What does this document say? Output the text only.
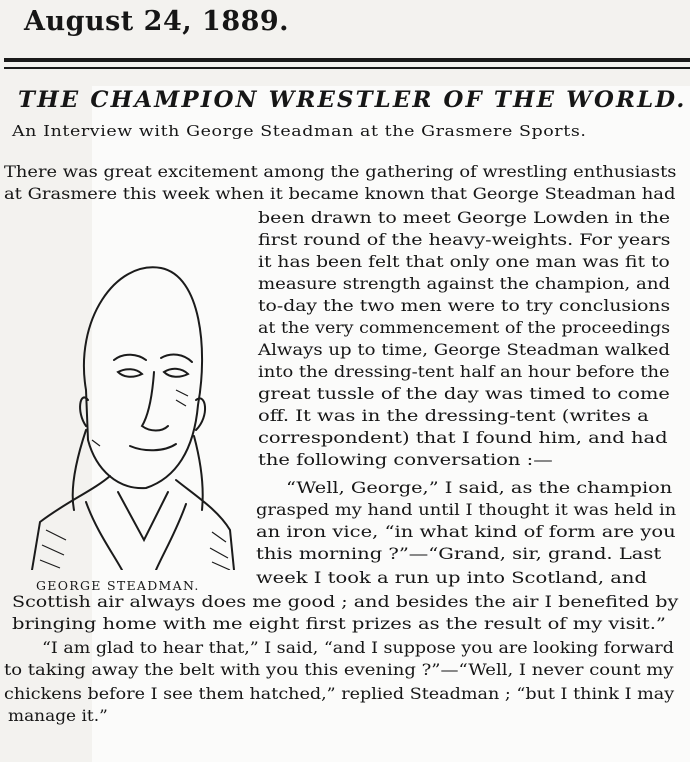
August 24, 1889.
THE CHAMPION WRESTLER OF THE WORLD.
An Interview with George Steadman at the Grasmere Sports.
There was great excitement among the gathering of wrestling enthusiasts
at Grasmere this week when it became known that George Steadman had
been drawn to meet George Lowden in the
first round of the heavy-weights. For years
it has been felt that only one man was fit to
measure strength against the champion, and
to-day the two men were to try conclusions
at the very commencement of the proceedings
Always up to time, George Steadman walked
into the dressing-tent half an hour before the
great tussle of the day was timed to come
off. It was in the dressing-tent (writes a
correspondent) that I found him, and had
the following conversation :—
“Well, George,” I said, as the champion
grasped my hand until I thought it was held in
an iron vice, “in what kind of form are you
this morning ?”—“Grand, sir, grand. Last
week I took a run up into Scotland, and
Scottish air always does me good ; and besides the air I benefited by
bringing home with me eight first prizes as the result of my visit.”
“I am glad to hear that,” I said, “and I suppose you are looking forward
to taking away the belt with you this evening ?”—“Well, I never count my
chickens before I see them hatched,” replied Steadman ; “but I think I may
manage it.”
GEORGE STEADMAN.
